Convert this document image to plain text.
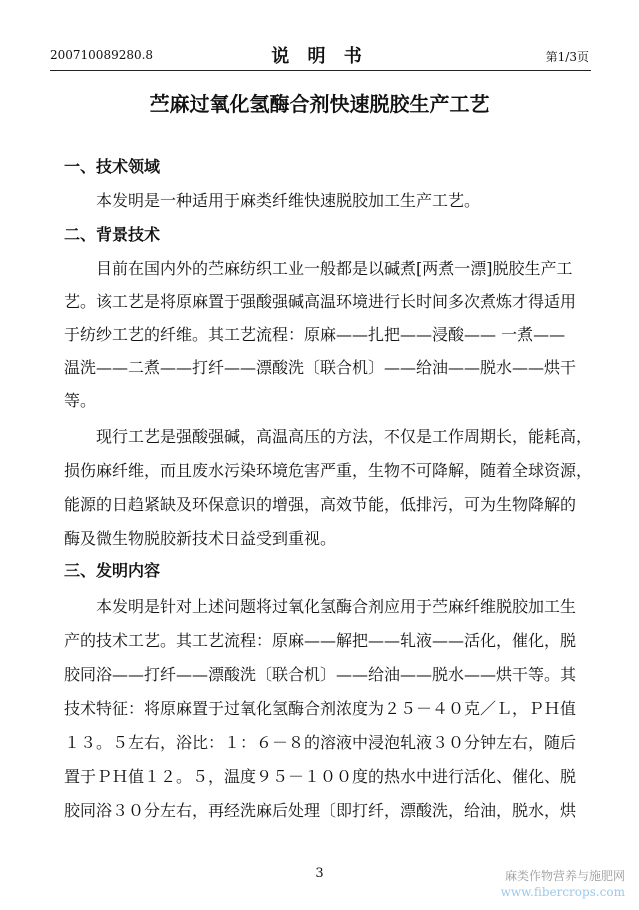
200710089280.8	说 明 书	第1/3页
苎麻过氧化氢酶合剂快速脱胶生产工艺
一、技术领域
本发明是一种适用于麻类纤维快速脱胶加工生产工艺。
二、背景技术
目前在国内外的苎麻纺织工业一般都是以碱煮[两煮一漂]脱胶生产工
艺。该工艺是将原麻置于强酸强碱高温环境进行长时间多次煮炼才得适用
于纺纱工艺的纤维。其工艺流程：原麻——扎把——浸酸—— 一煮——
温洗——二煮——打纤——漂酸洗〔联合机〕——给油——脱水——烘干
等。
现行工艺是强酸强碱，高温高压的方法，不仅是工作周期长，能耗高，
损伤麻纤维，而且废水污染环境危害严重，生物不可降解，随着全球资源，
能源的日趋紧缺及环保意识的增强，高效节能，低排污，可为生物降解的
酶及微生物脱胶新技术日益受到重视。
三、发明内容
本发明是针对上述问题将过氧化氢酶合剂应用于苎麻纤维脱胶加工生
产的技术工艺。其工艺流程：原麻——解把——轧液——活化，催化，脱
胶同浴——打纤——漂酸洗〔联合机〕——给油——脱水——烘干等。其
技术特征：将原麻置于过氧化氢酶合剂浓度为２５－４０克／Ｌ，ＰＨ值
１３。５左右，浴比：１：６－８的溶液中浸泡轧液３０分钟左右，随后
置于ＰＨ值１２。５，温度９５－１００度的热水中进行活化、催化、脱
胶同浴３０分左右，再经洗麻后处理〔即打纤，漂酸洗，给油，脱水，烘
3	麻类作物营养与施肥网
www.fibercrops.com
